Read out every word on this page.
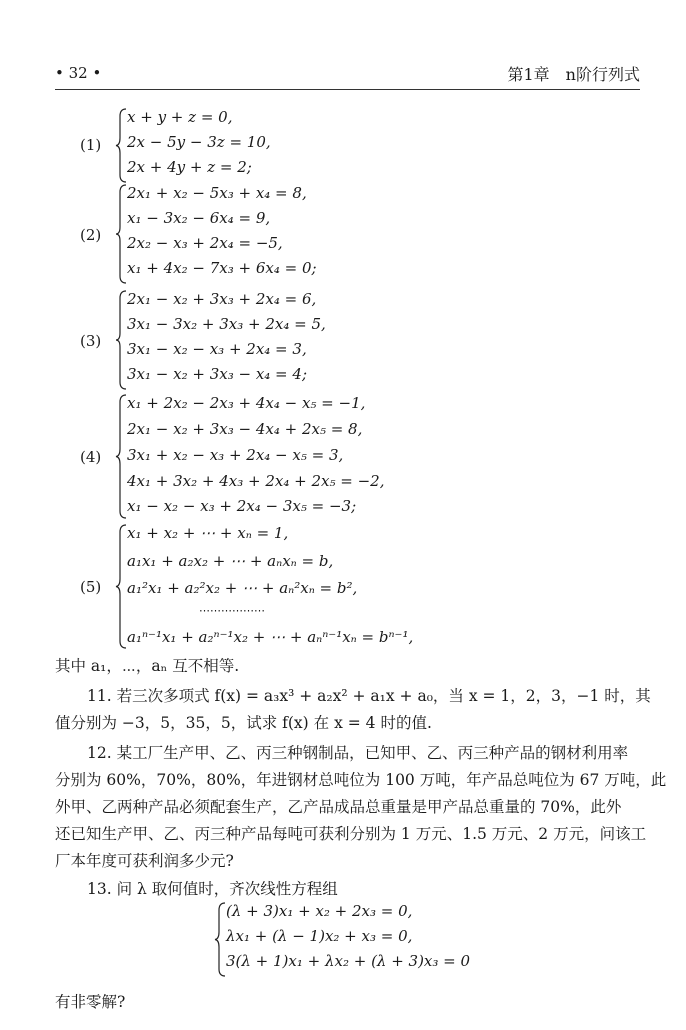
• 32 •	第1章　n阶行列式
(1)
x + y + z = 0,
2x − 5y − 3z = 10,
2x + 4y + z = 2;
(2)
2x₁ + x₂ − 5x₃ + x₄ = 8,
x₁ − 3x₂ − 6x₄ = 9,
2x₂ − x₃ + 2x₄ = −5,
x₁ + 4x₂ − 7x₃ + 6x₄ = 0;
(3)
2x₁ − x₂ + 3x₃ + 2x₄ = 6,
3x₁ − 3x₂ + 3x₃ + 2x₄ = 5,
3x₁ − x₂ − x₃ + 2x₄ = 3,
3x₁ − x₂ + 3x₃ − x₄ = 4;
(4)
x₁ + 2x₂ − 2x₃ + 4x₄ − x₅ = −1,
2x₁ − x₂ + 3x₃ − 4x₄ + 2x₅ = 8,
3x₁ + x₂ − x₃ + 2x₄ − x₅ = 3,
4x₁ + 3x₂ + 4x₃ + 2x₄ + 2x₅ = −2,
x₁ − x₂ − x₃ + 2x₄ − 3x₅ = −3;
(5)
x₁ + x₂ + ⋯ + xₙ = 1,
a₁x₁ + a₂x₂ + ⋯ + aₙxₙ = b,
a₁²x₁ + a₂²x₂ + ⋯ + aₙ²xₙ = b²,
⋯⋯⋯⋯⋯⋯
a₁ⁿ⁻¹x₁ + a₂ⁿ⁻¹x₂ + ⋯ + aₙⁿ⁻¹xₙ = bⁿ⁻¹,
其中 a₁，⋯，aₙ 互不相等.
11. 若三次多项式 f(x) = a₃x³ + a₂x² + a₁x + a₀，当 x = 1，2，3，−1 时，其
值分别为 −3，5，35，5，试求 f(x) 在 x = 4 时的值.
12. 某工厂生产甲、乙、丙三种钢制品，已知甲、乙、丙三种产品的钢材利用率
分别为 60%，70%，80%，年进钢材总吨位为 100 万吨，年产品总吨位为 67 万吨，此
外甲、乙两种产品必须配套生产，乙产品成品总重量是甲产品总重量的 70%，此外
还已知生产甲、乙、丙三种产品每吨可获利分别为 1 万元、1.5 万元、2 万元，问该工
厂本年度可获利润多少元?
13. 问 λ 取何值时，齐次线性方程组
(λ + 3)x₁ + x₂ + 2x₃ = 0,
λx₁ + (λ − 1)x₂ + x₃ = 0,
3(λ + 1)x₁ + λx₂ + (λ + 3)x₃ = 0
有非零解?
